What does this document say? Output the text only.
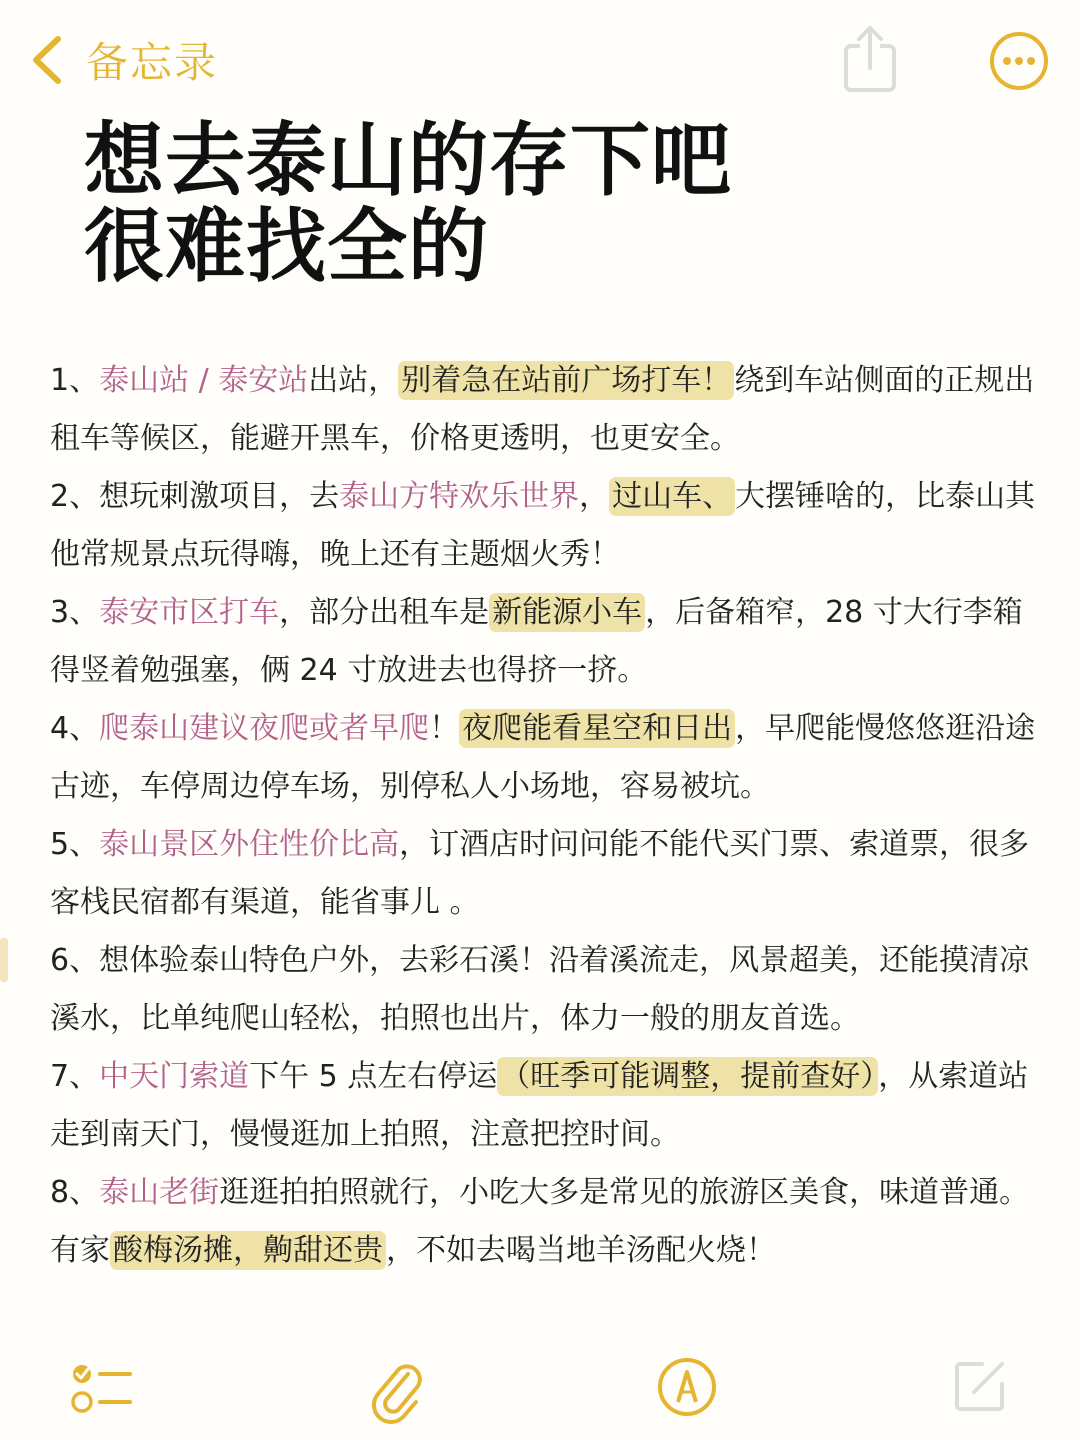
备忘录
想去泰山的存下吧
很难找全的
1、泰山站 / 泰安站出站， 别着急在站前广场打车！ 绕到车站侧面的正规出租车等候区，能避开黑车，价格更透明，也更安全。
2、想玩刺激项目，去泰山方特欢乐世界， 过山车、 大摆锤啥的，比泰山其他常规景点玩得嗨，晚上还有主题烟火秀！
3、泰安市区打车，部分出租车是 新能源小车 ，后备箱窄，28 寸大行李箱得竖着勉强塞，俩 24 寸放进去也得挤一挤。
4、爬泰山建议夜爬或者早爬！ 夜爬能看星空和日出 ，早爬能慢悠悠逛沿途古迹，车停周边停车场，别停私人小场地，容易被坑。
5、泰山景区外住性价比高，订酒店时问问能不能代买门票、索道票，很多客栈民宿都有渠道，能省事儿 。
6、想体验泰山特色户外，去彩石溪！沿着溪流走，风景超美，还能摸清凉溪水，比单纯爬山轻松，拍照也出片，体力一般的朋友首选。
7、中天门索道下午 5 点左右停运 （旺季可能调整，提前查好） ，从索道站走到南天门，慢慢逛加上拍照，注意把控时间。
8、泰山老街逛逛拍拍照就行，小吃大多是常见的旅游区美食，味道普通。有家 酸梅汤摊，齁甜还贵 ，不如去喝当地羊汤配火烧！
